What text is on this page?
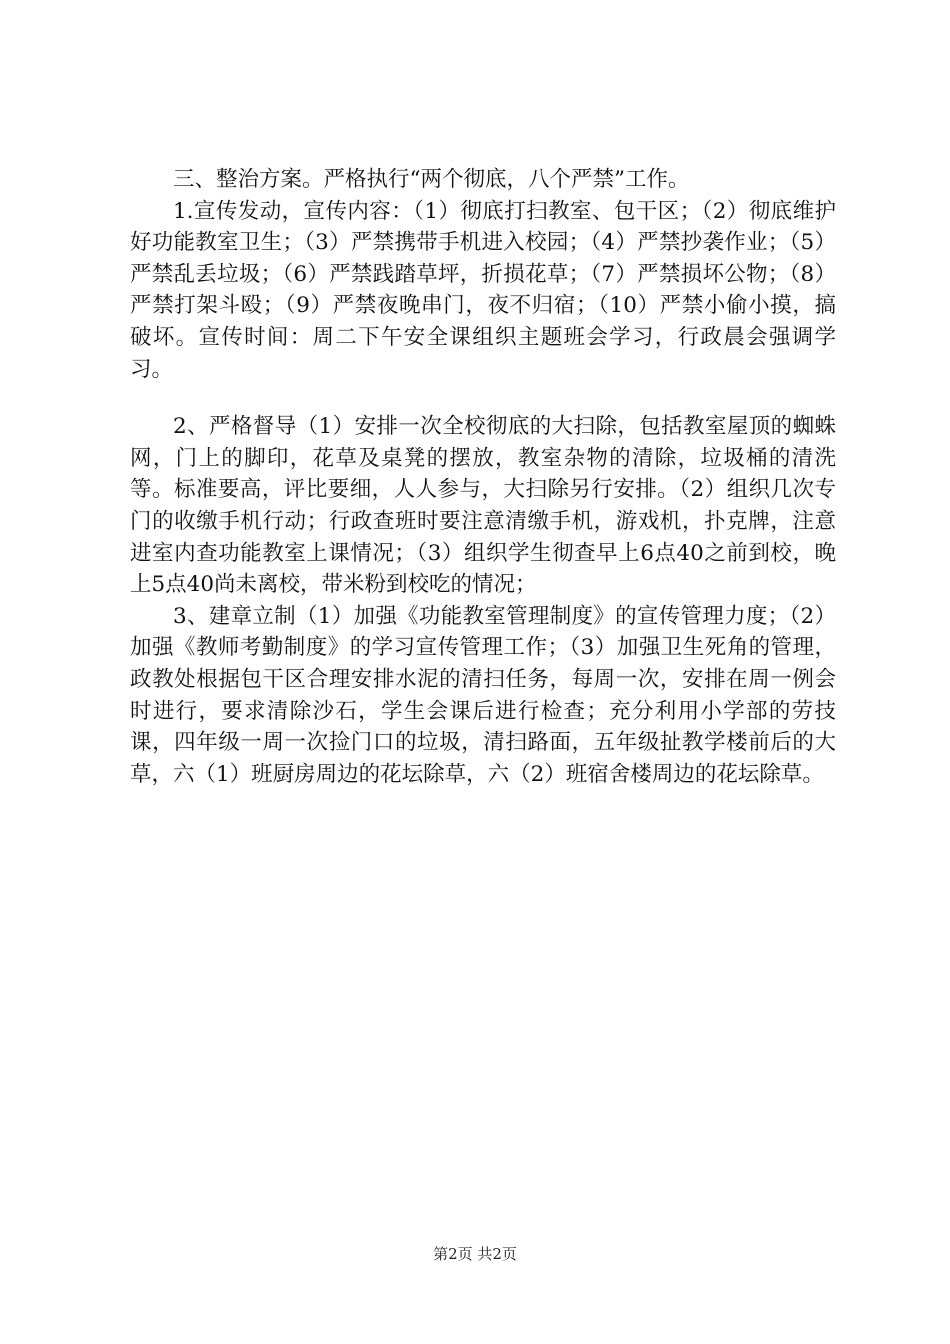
三、整治方案。严格执行“两个彻底，八个严禁”工作。

1.宣传发动，宣传内容：（1）彻底打扫教室、包干区；（2）彻底维护好功能教室卫生；（3）严禁携带手机进入校园；（4）严禁抄袭作业；（5）严禁乱丢垃圾；（6）严禁践踏草坪，折损花草；（7）严禁损坏公物；（8）严禁打架斗殴；（9）严禁夜晚串门，夜不归宿；（10）严禁小偷小摸，搞破坏。宣传时间：周二下午安全课组织主题班会学习，行政晨会强调学习。

2、严格督导（1）安排一次全校彻底的大扫除，包括教室屋顶的蜘蛛网，门上的脚印，花草及桌凳的摆放，教室杂物的清除，垃圾桶的清洗等。标准要高，评比要细，人人参与，大扫除另行安排。（2）组织几次专门的收缴手机行动；行政查班时要注意清缴手机，游戏机，扑克牌，注意进室内查功能教室上课情况；（3）组织学生彻查早上6点40之前到校，晚上5点40尚未离校，带米粉到校吃的情况；

3、建章立制（1）加强《功能教室管理制度》的宣传管理力度；（2）加强《教师考勤制度》的学习宣传管理工作；（3）加强卫生死角的管理，政教处根据包干区合理安排水泥的清扫任务，每周一次，安排在周一例会时进行，要求清除沙石，学生会课后进行检查；充分利用小学部的劳技课，四年级一周一次捡门口的垃圾，清扫路面，五年级扯教学楼前后的大草，六（1）班厨房周边的花坛除草，六（2）班宿舍楼周边的花坛除草。

第2页 共2页
